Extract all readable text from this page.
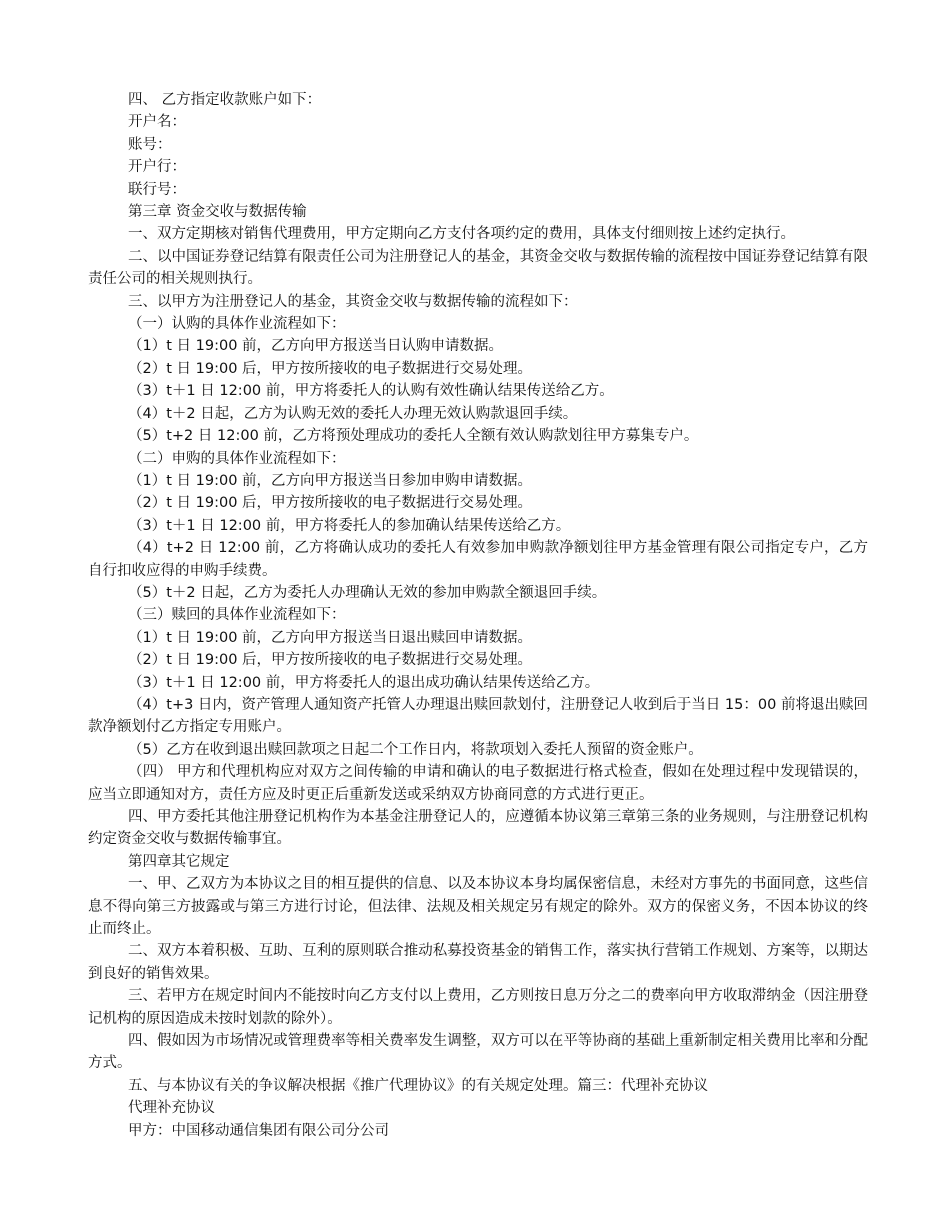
四、 乙方指定收款账户如下：
开户名：
账号：
开户行：
联行号：
第三章 资金交收与数据传输
一、双方定期核对销售代理费用，甲方定期向乙方支付各项约定的费用，具体支付细则按上述约定执行。
二、以中国证券登记结算有限责任公司为注册登记人的基金，其资金交收与数据传输的流程按中国证券登记结算有限责任公司的相关规则执行。
三、以甲方为注册登记人的基金，其资金交收与数据传输的流程如下：
（一）认购的具体作业流程如下：
（1）t 日 19:00 前，乙方向甲方报送当日认购申请数据。
（2）t 日 19:00 后，甲方按所接收的电子数据进行交易处理。
（3）t＋1 日 12:00 前，甲方将委托人的认购有效性确认结果传送给乙方。
（4）t＋2 日起，乙方为认购无效的委托人办理无效认购款退回手续。
（5）t+2 日 12:00 前，乙方将预处理成功的委托人全额有效认购款划往甲方募集专户。
（二）申购的具体作业流程如下：
（1）t 日 19:00 前，乙方向甲方报送当日参加申购申请数据。
（2）t 日 19:00 后，甲方按所接收的电子数据进行交易处理。
（3）t＋1 日 12:00 前，甲方将委托人的参加确认结果传送给乙方。
（4）t+2 日 12:00 前，乙方将确认成功的委托人有效参加申购款净额划往甲方基金管理有限公司指定专户，乙方自行扣收应得的申购手续费。
（5）t＋2 日起，乙方为委托人办理确认无效的参加申购款全额退回手续。
（三）赎回的具体作业流程如下：
（1）t 日 19:00 前，乙方向甲方报送当日退出赎回申请数据。
（2）t 日 19:00 后，甲方按所接收的电子数据进行交易处理。
（3）t＋1 日 12:00 前，甲方将委托人的退出成功确认结果传送给乙方。
（4）t+3 日内，资产管理人通知资产托管人办理退出赎回款划付，注册登记人收到后于当日 15：00 前将退出赎回款净额划付乙方指定专用账户。
（5）乙方在收到退出赎回款项之日起二个工作日内，将款项划入委托人预留的资金账户。
（四） 甲方和代理机构应对双方之间传输的申请和确认的电子数据进行格式检查，假如在处理过程中发现错误的，应当立即通知对方，责任方应及时更正后重新发送或采纳双方协商同意的方式进行更正。
四、甲方委托其他注册登记机构作为本基金注册登记人的，应遵循本协议第三章第三条的业务规则，与注册登记机构约定资金交收与数据传输事宜。
第四章其它规定
一、甲、乙双方为本协议之目的相互提供的信息、以及本协议本身均属保密信息，未经对方事先的书面同意，这些信息不得向第三方披露或与第三方进行讨论，但法律、法规及相关规定另有规定的除外。双方的保密义务，不因本协议的终止而终止。
二、双方本着积极、互助、互利的原则联合推动私募投资基金的销售工作，落实执行营销工作规划、方案等，以期达到良好的销售效果。
三、若甲方在规定时间内不能按时向乙方支付以上费用，乙方则按日息万分之二的费率向甲方收取滞纳金（因注册登记机构的原因造成未按时划款的除外）。
四、假如因为市场情况或管理费率等相关费率发生调整，双方可以在平等协商的基础上重新制定相关费用比率和分配方式。
五、与本协议有关的争议解决根据《推广代理协议》的有关规定处理。篇三：代理补充协议
代理补充协议
甲方：中国移动通信集团有限公司分公司
